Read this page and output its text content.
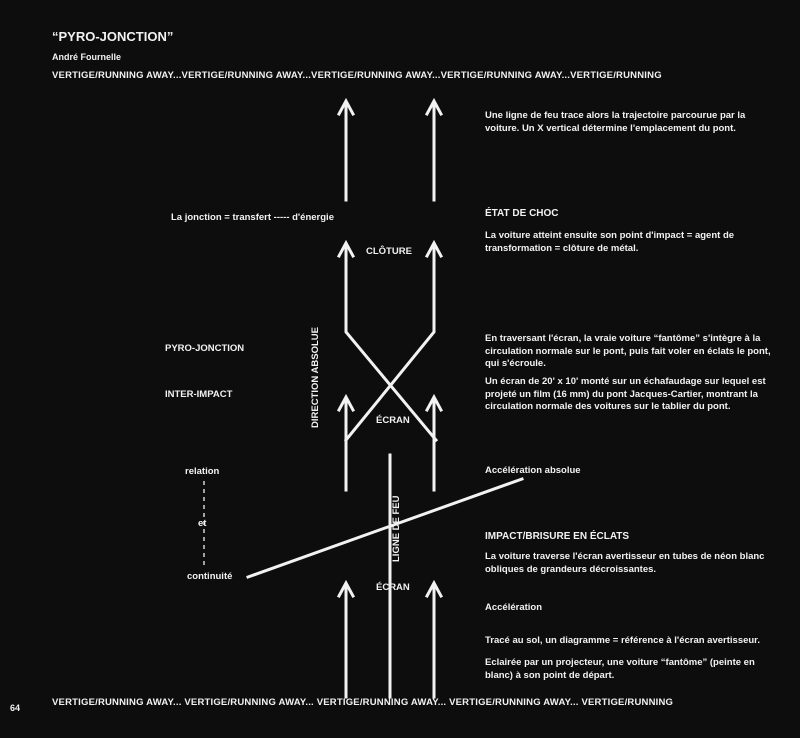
“PYRO-JONCTION”
André Fournelle
VERTIGE/RUNNING AWAY...VERTIGE/RUNNING AWAY...VERTIGE/RUNNING AWAY...VERTIGE/RUNNING AWAY...VERTIGE/RUNNING
VERTIGE/RUNNING AWAY... VERTIGE/RUNNING AWAY... VERTIGE/RUNNING AWAY... VERTIGE/RUNNING AWAY... VERTIGE/RUNNING
64
La jonction = transfert ----- d'énergie
CLÔTURE
PYRO-JONCTION
INTER-IMPACT
ÉCRAN
ÉCRAN
DIRECTION ABSOLUE
LIGNE DE FEU
relation
et
continuité
Accélération absolue
Une ligne de feu trace alors la trajectoire parcourue par la voiture. Un X vertical détermine l'emplacement du pont.
ÉTAT DE CHOC
La voiture atteint ensuite son point d'impact = agent de transformation = clôture de métal.
En traversant l'écran, la vraie voiture “fantôme” s'intègre à la circulation normale sur le pont, puis fait voler en éclats le pont, qui s'écroule.
Un écran de 20' x 10' monté sur un échafaudage sur lequel est projeté un film (16 mm) du pont Jacques-Cartier, montrant la circulation normale des voitures sur le tablier du pont.
IMPACT/BRISURE EN ÉCLATS
La voiture traverse l'écran avertisseur en tubes de néon blanc obliques de grandeurs décroissantes.
Accélération
Tracé au sol, un diagramme = référence à l'écran avertisseur.
Eclairée par un projecteur, une voiture “fantôme” (peinte en blanc) à son point de départ.
